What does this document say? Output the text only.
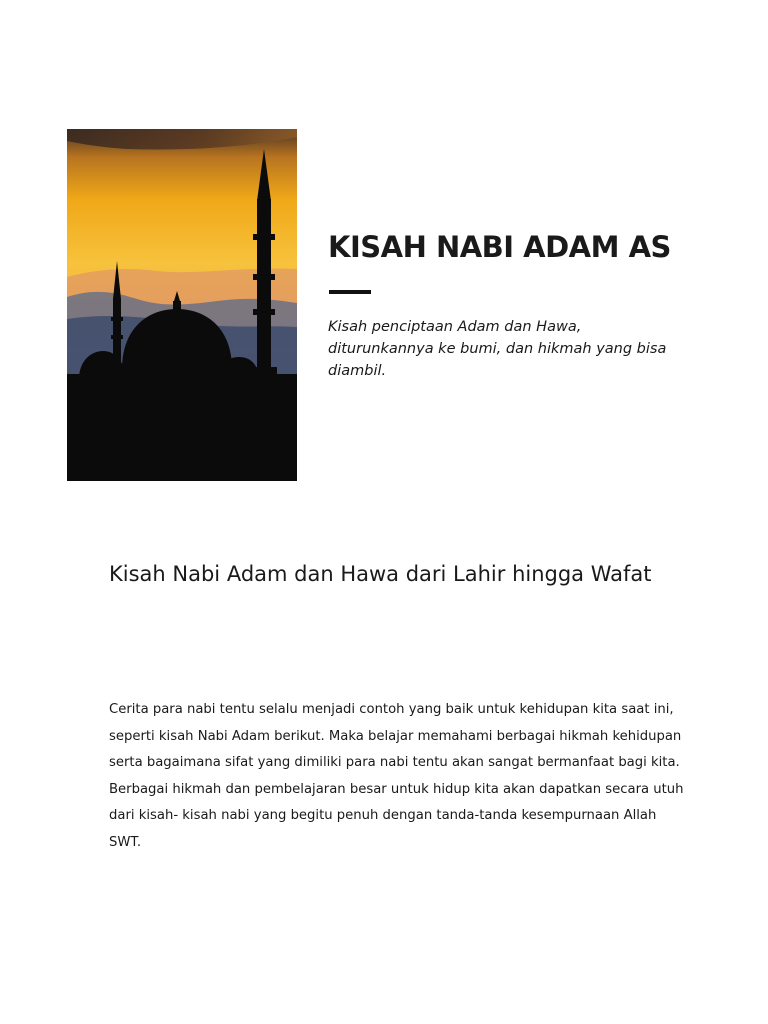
KISAH NABI ADAM AS
Kisah penciptaan Adam dan Hawa, diturunkannya ke bumi, dan hikmah yang bisa diambil.
Kisah Nabi Adam dan Hawa dari Lahir hingga Wafat
Cerita para nabi tentu selalu menjadi contoh yang baik untuk kehidupan kita saat ini, seperti kisah Nabi Adam berikut. Maka belajar memahami berbagai hikmah kehidupan serta bagaimana sifat yang dimiliki para nabi tentu akan sangat bermanfaat bagi kita. Berbagai hikmah dan pembelajaran besar untuk hidup kita akan dapatkan secara utuh dari kisah- kisah nabi yang begitu penuh dengan tanda-tanda kesempurnaan Allah SWT.
